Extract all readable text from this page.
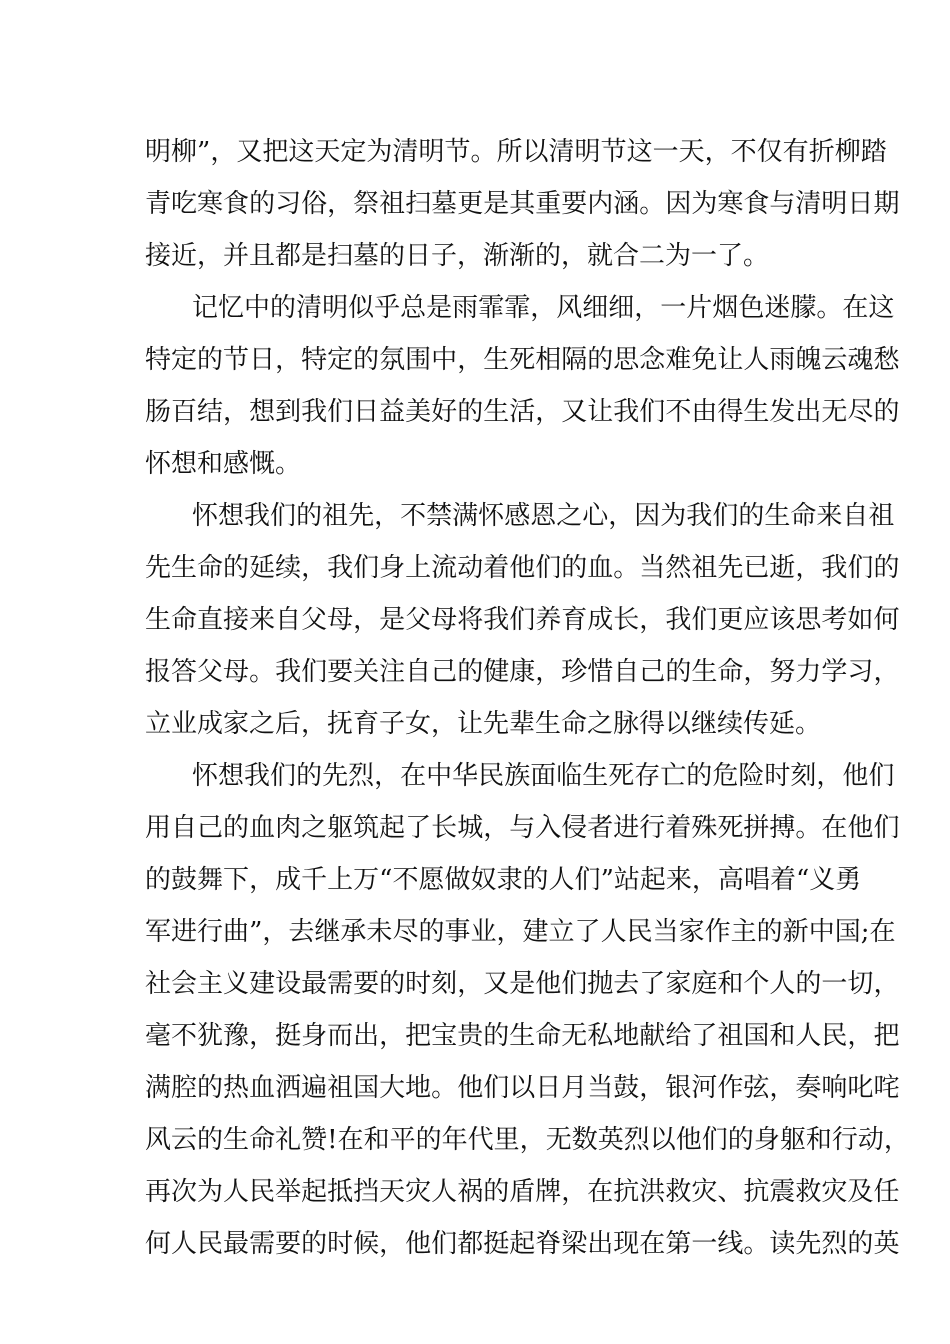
明 柳 ” ， 又 把 这 天 定 为 清 明 节 。 所 以 清 明 节 这 一 天 ， 不 仅 有 折 柳 踏
青 吃 寒 食 的 习 俗 ， 祭 祖 扫 墓 更 是 其 重 要 内 涵 。 因 为 寒 食 与 清 明 日 期
接近，并且都是扫墓的日子，渐渐的，就合二为一了。
记 忆 中 的 清 明 似 乎 总 是 雨 霏 霏 ， 风 细 细 ， 一 片 烟 色 迷 朦 。 在 这
特 定 的 节 日 ， 特 定 的 氛 围 中 ， 生 死 相 隔 的 思 念 难 免 让 人 雨 魄 云 魂 愁
肠 百 结 ， 想 到 我 们 日 益 美 好 的 生 活 ， 又 让 我 们 不 由 得 生 发 出 无 尽 的
怀想和感慨。
怀 想 我 们 的 祖 先 ， 不 禁 满 怀 感 恩 之 心 ， 因 为 我 们 的 生 命 来 自 祖
先 生 命 的 延 续 ， 我 们 身 上 流 动 着 他 们 的 血 。 当 然 祖 先 已 逝 ， 我 们 的
生 命 直 接 来 自 父 母 ， 是 父 母 将 我 们 养 育 成 长 ， 我 们 更 应 该 思 考 如 何
报 答 父 母 。 我 们 要 关 注 自 己 的 健 康 ， 珍 惜 自 己 的 生 命 ， 努 力 学 习 ，
立业成家之后，抚育子女，让先辈生命之脉得以继续传延。
怀 想 我 们 的 先 烈 ， 在 中 华 民 族 面 临 生 死 存 亡 的 危 险 时 刻 ， 他 们
用 自 己 的 血 肉 之 躯 筑 起 了 长 城 ， 与 入 侵 者 进 行 着 殊 死 拼 搏 。 在 他 们
的 鼓 舞 下 ， 成 千 上 万 “ 不 愿 做 奴 隶 的 人 们 ” 站 起 来 ， 高 唱 着 “ 义 勇
军 进 行 曲 ” ， 去 继 承 未 尽 的 事 业 ， 建 立 了 人 民 当 家 作 主 的 新 中 国 ; 在
社 会 主 义 建 设 最 需 要 的 时 刻 ， 又 是 他 们 抛 去 了 家 庭 和 个 人 的 一 切 ，
毫 不 犹 豫 ， 挺 身 而 出 ， 把 宝 贵 的 生 命 无 私 地 献 给 了 祖 国 和 人 民 ， 把
满 腔 的 热 血 洒 遍 祖 国 大 地 。 他 们 以 日 月 当 鼓 ， 银 河 作 弦 ， 奏 响 叱 咤
风 云 的 生 命 礼 赞 ! 在 和 平 的 年 代 里 ， 无 数 英 烈 以 他 们 的 身 躯 和 行 动 ，
再 次 为 人 民 举 起 抵 挡 天 灾 人 祸 的 盾 牌 ， 在 抗 洪 救 灾 、 抗 震 救 灾 及 任
何 人 民 最 需 要 的 时 候 ， 他 们 都 挺 起 脊 梁 出 现 在 第 一 线 。 读 先 烈 的 英
